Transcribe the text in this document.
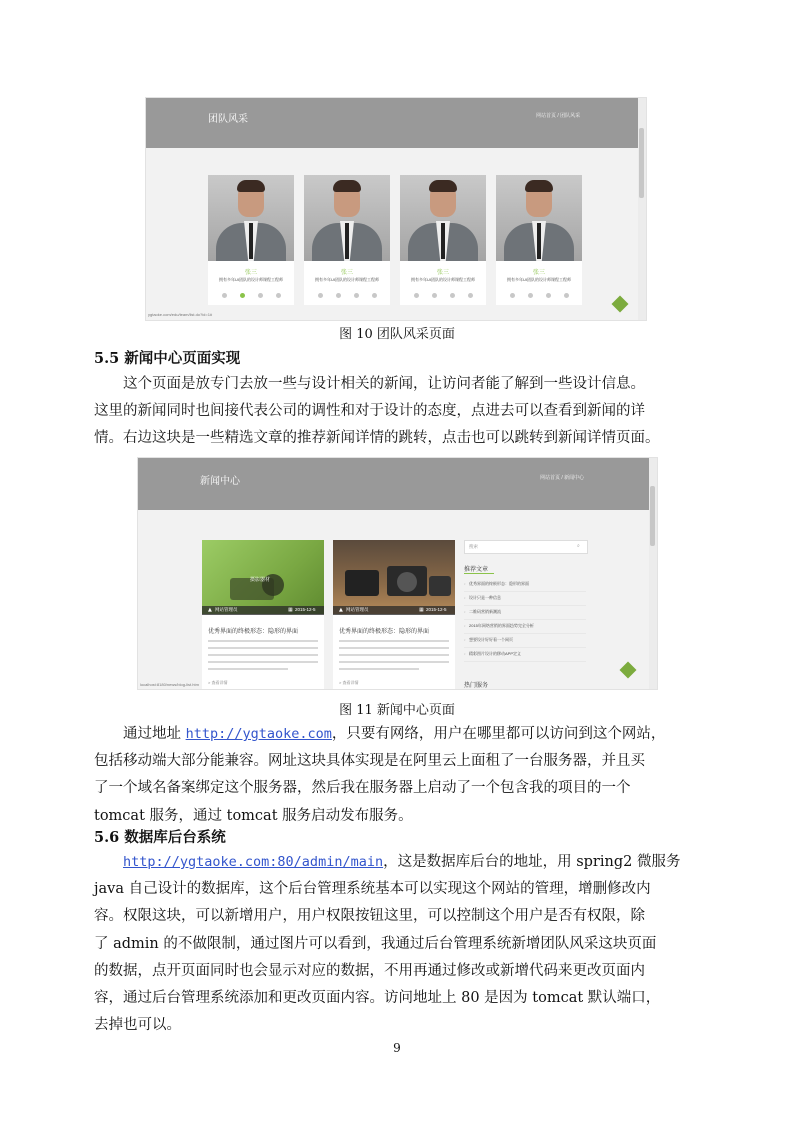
团队风采	网站首页 / 团队风采
张三
拥有多年UI团队的设计师课程工程师
张三
拥有多年UI团队的设计师课程工程师
张三
拥有多年UI团队的设计师课程工程师
张三
拥有多年UI团队的设计师课程工程师
ygtaoke.com/edu/team/list.do?id=1#
图 10 团队风采页面
5.5 新闻中心页面实现

这个页面是放专门去放一些与设计相关的新闻，让访问者能了解到一些设计信息。

这里的新闻同时也间接代表公司的调性和对于设计的态度，点进去可以查看到新闻的详

情。右边这块是一些精选文章的推荐新闻详情的跳转，点击也可以跳转到新闻详情页面。

新闻中心	网站首页 / 新闻中心
摄影器材
▲ 网站管理员	▦ 2015-12-5
优秀界面的终极形态：隐形的界面
> 查看详情
▲ 网站管理员	▦ 2015-12-5
优秀界面的终极形态：隐形的界面
> 查看详情
搜索	⌕
推荐文章
› 优秀界面的终极形态：隐形的界面
› 设计只是一种信息
› 二维码营销新潮流
› 2015年网络营销的界面趋势完全分析
› 想要设计好好看一个网页
› 精彩图片设计的移动APP定义
热门服务
localhost:8180/news/blog-list.htm
图 11 新闻中心页面

通过地址 http://ygtaoke.com，只要有网络，用户在哪里都可以访问到这个网站，

包括移动端大部分能兼容。网址这块具体实现是在阿里云上面租了一台服务器，并且买

了一个域名备案绑定这个服务器，然后我在服务器上启动了一个包含我的项目的一个

tomcat 服务，通过 tomcat 服务启动发布服务。

5.6 数据库后台系统

http://ygtaoke.com:80/admin/main，这是数据库后台的地址，用 spring2 微服务

java 自己设计的数据库，这个后台管理系统基本可以实现这个网站的管理，增删修改内

容。权限这块，可以新增用户，用户权限按钮这里，可以控制这个用户是否有权限，除

了 admin 的不做限制，通过图片可以看到，我通过后台管理系统新增团队风采这块页面

的数据，点开页面同时也会显示对应的数据，不用再通过修改或新增代码来更改页面内

容，通过后台管理系统添加和更改页面内容。访问地址上 80 是因为 tomcat 默认端口，

去掉也可以。

9
